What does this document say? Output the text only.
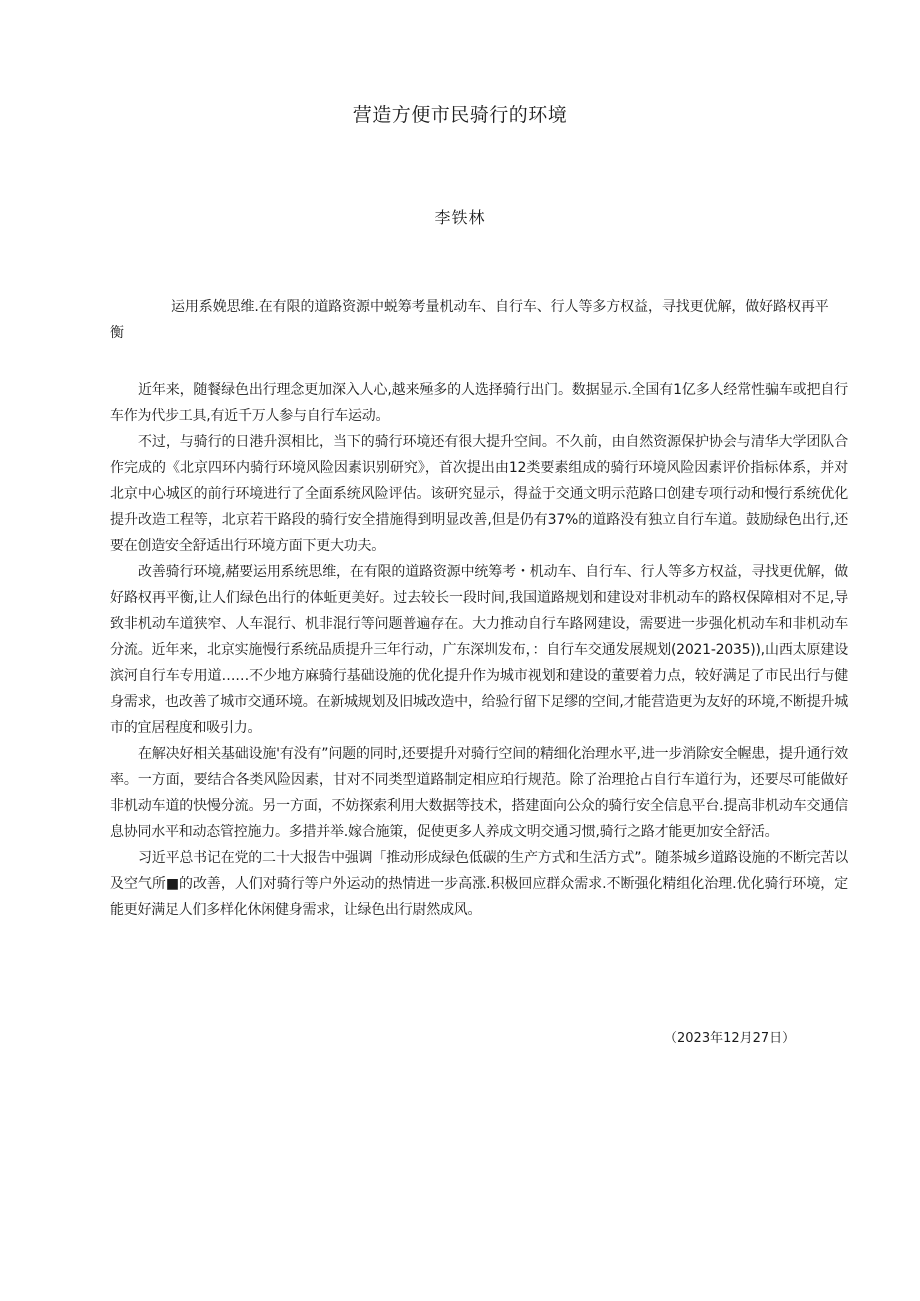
营造方便市民骑行的环境
李铁林
运用系娩思维.在有限的道路资源中蜕筹考量机动车、自行车、行人等多方权益，寻找更优解，做好路权再平衡

近年来，随餐绿色出行理念更加深入人心,越来殛多的人选择骑行出门。数据显示.全国有1亿多人经常性骗车或把自行车作为代步工具,有近千万人参与自行车运动。

不过，与骑行的日港升溟相比，当下的骑行环境还有很大提升空间。不久前，由自然资源保护协会与清华大学团队合作完成的《北京四环内骑行环境风险因素识别研究》，首次提出由12类要素组成的骑行环境风险因素评价指标体系，并对北京中心城区的前行环境进行了全面系统风险评估。该研究显示，得益于交通文明示范路口创建专项行动和慢行系统优化提升改造工程等，北京若干路段的骑行安全措施得到明显改善,但是仍有37%的道路没有独立自行车道。鼓励绿色出行,还要在创造安全舒适出行环境方面下更大功夫。

改善骑行环境,赭要运用系统思维，在有限的道路资源中统筹考・机动车、自行车、行人等多方权益，寻找更优解，做好路权再平衡,让人们绿色出行的体蚯更美好。过去较长一段时间,我国道路规划和建设对非机动车的路权保障相对不足,导致非机动车道狭窄、人车混行、机非混行等问题普遍存在。大力推动自行车路网建设，需要进一步强化机动车和非机动车分流。近年来，北京实施慢行系统品质提升三年行动，广东深圳发布，：自行车交通发展规划(2021-2035)),山西太原建设滨河自行车专用道……不少地方麻骑行基础设施的优化提升作为城市视划和建设的董要着力点，较好满足了市民出行与健身需求，也改善了城市交通环境。在新城规划及旧城改造中，给验行留下足缪的空间,才能营造更为友好的环境,不断提升城市的宜居程度和吸引力。

在解决好相关基础设施'有没有”问题的同时,还要提升对骑行空间的精细化治理水平,进一步消除安全幄患，提升通行效率。一方面，要结合各类风险因素，甘对不同类型道路制定相应珀行规范。除了治理抢占自行车道行为，还要尽可能做好非机动车道的快慢分流。另一方面，不妨探索利用大数据等技术，搭建面向公众的骑行安全信息平台.提高非机动车交通信息协同水平和动态管控施力。多措并举.嫁合施策，促使更多人养成文明交通习惯,骑行之路才能更加安全舒活。

习近平总书记在党的二十大报告中强调「推动形成绿色低碳的生产方式和生活方式”。随茶城乡道路设施的不断完苦以及空气所■的改善，人们对骑行等户外运动的热情进一步高涨.积极回应群众需求.不断强化精组化治理.优化骑行环境，定能更好满足人们多样化休闲健身需求，让绿色出行尉然成风。

（2023年12月27日）
